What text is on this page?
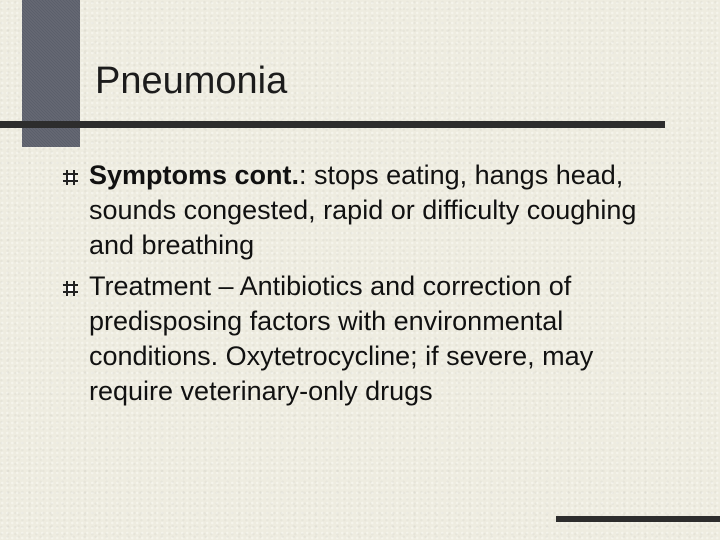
Pneumonia
Symptoms cont.: stops eating, hangs head, sounds congested, rapid or difficulty coughing and breathing
Treatment – Antibiotics and correction of predisposing factors with environmental conditions. Oxytetrocycline; if severe, may require veterinary-only drugs
